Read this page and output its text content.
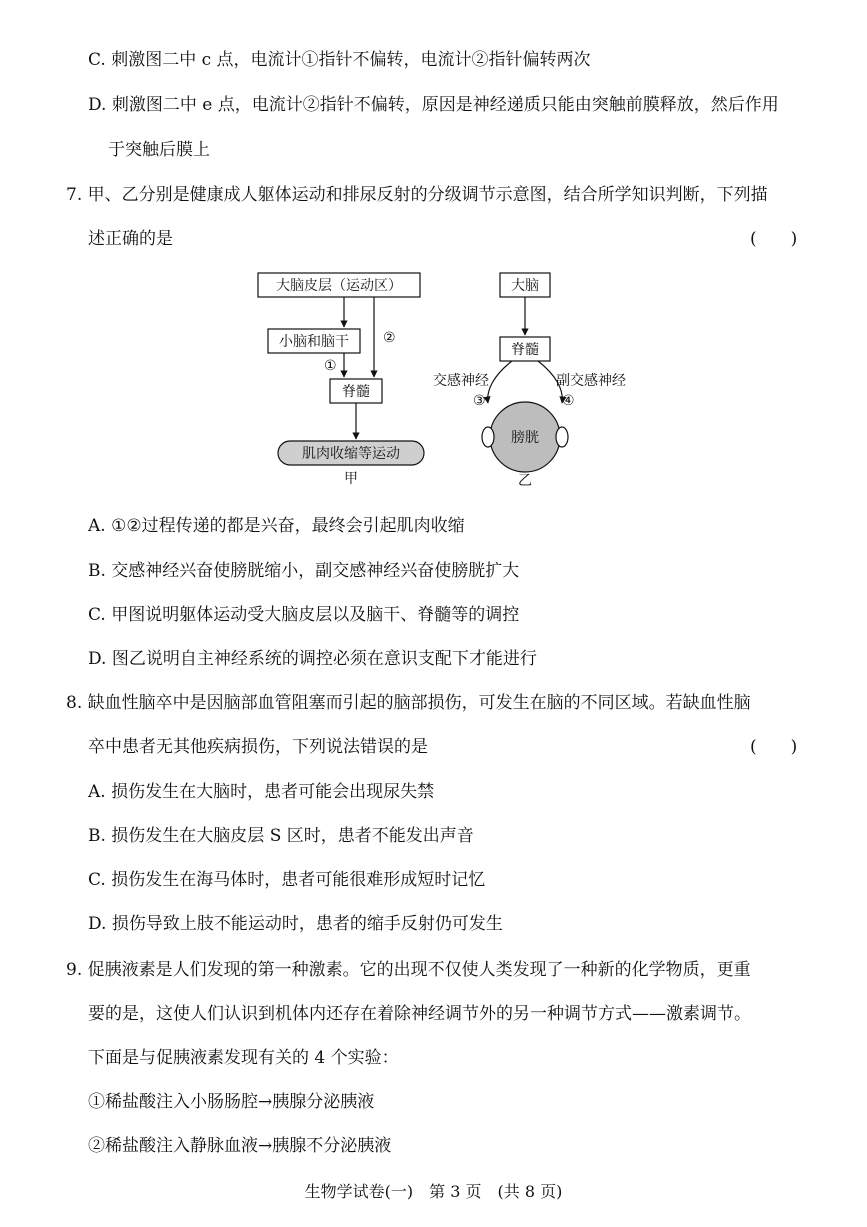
C. 刺激图二中 c 点，电流计①指针不偏转，电流计②指针偏转两次
D. 刺激图二中 e 点，电流计②指针不偏转，原因是神经递质只能由突触前膜释放，然后作用
于突触后膜上
7. 甲、乙分别是健康成人躯体运动和排尿反射的分级调节示意图，结合所学知识判断，下列描
述正确的是	(　　)
大脑皮层（运动区）
②
小脑和脑干
①
脊髓
肌肉收缩等运动
甲
大脑
脊髓
交感神经	副交感神经
③	④
膀胱
乙
A. ①②过程传递的都是兴奋，最终会引起肌肉收缩
B. 交感神经兴奋使膀胱缩小，副交感神经兴奋使膀胱扩大
C. 甲图说明躯体运动受大脑皮层以及脑干、脊髓等的调控
D. 图乙说明自主神经系统的调控必须在意识支配下才能进行
8. 缺血性脑卒中是因脑部血管阻塞而引起的脑部损伤，可发生在脑的不同区域。若缺血性脑
卒中患者无其他疾病损伤，下列说法错误的是	(　　)
A. 损伤发生在大脑时，患者可能会出现尿失禁
B. 损伤发生在大脑皮层 S 区时，患者不能发出声音
C. 损伤发生在海马体时，患者可能很难形成短时记忆
D. 损伤导致上肢不能运动时，患者的缩手反射仍可发生
9. 促胰液素是人们发现的第一种激素。它的出现不仅使人类发现了一种新的化学物质，更重
要的是，这使人们认识到机体内还存在着除神经调节外的另一种调节方式——激素调节。
下面是与促胰液素发现有关的 4 个实验：
①稀盐酸注入小肠肠腔→胰腺分泌胰液
②稀盐酸注入静脉血液→胰腺不分泌胰液
生物学试卷(一)　第 3 页　(共 8 页)
